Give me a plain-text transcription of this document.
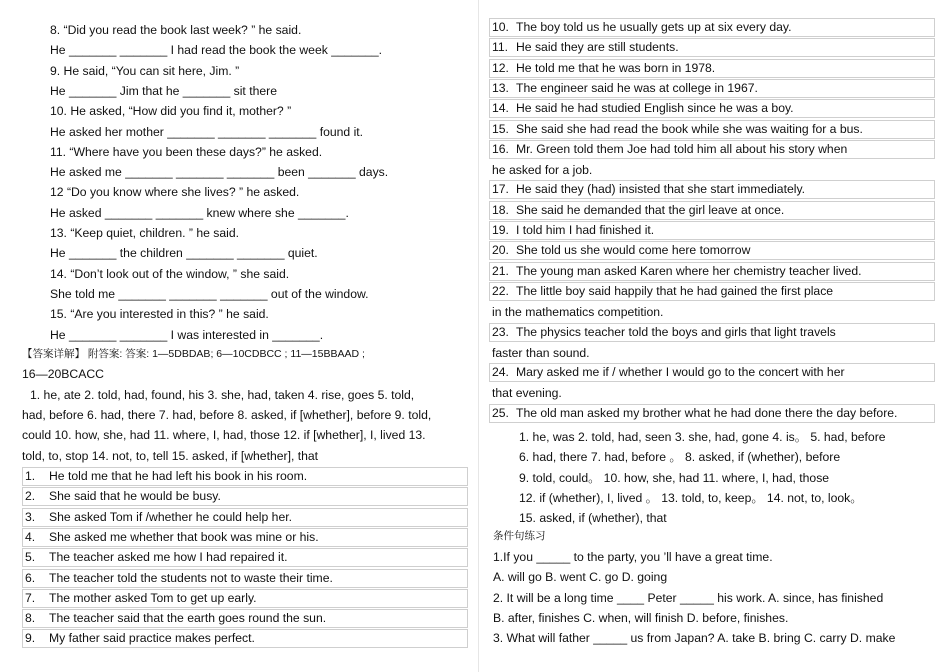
8. “Did you read the book last week? ” he said.
He _______ _______ I had read the book the week _______.
9. He said, “You can sit here, Jim. ”
He _______ Jim that he _______ sit there
10. He asked, “How did you find it, mother? ”
He asked her mother _______ _______ _______ found it.
11. “Where have you been these days?” he asked.
He asked me _______ _______ _______ been _______ days.
12 “Do you know where she lives? ” he asked.
He asked _______ _______ knew where she _______.
13. “Keep quiet, children. ” he said.
He _______ the children _______ _______ quiet.
14. “Don’t look out of the window, ” she said.
She told me _______ _______ _______ out of the window.
15. “Are you interested in this? ” he said.
He _______ _______ I was interested in _______.
【答案详解】 附答案: 答案: 1—5DBDAB; 6—10CDBCC ; 11—15BBAAD ;
16—20BCACC
1. he, ate 2. told, had, found, his 3. she, had, taken 4. rise, goes 5. told,
had, before 6. had, there 7. had, before 8. asked, if [whether], before 9. told,
could 10. how, she, had 11. where, I, had, those 12. if [whether], I, lived 13.
told, to, stop 14. not, to, tell 15. asked, if [whether], that
1. He told me that he had left his book in his room.
2. She said that he would be busy.
3. She asked Tom if /whether he could help her.
4. She asked me whether that book was mine or his.
5. The teacher asked me how I had repaired it.
6. The teacher told the students not to waste their time.
7. The mother asked Tom to get up early.
8. The teacher said that the earth goes round the sun.
9. My father said practice makes perfect.
10. The boy told us he usually gets up at six every day.
11. He said they are still students.
12. He told me that he was born in 1978.
13. The engineer said he was at college in 1967.
14. He said he had studied English since he was a boy.
15. She said she had read the book while she was waiting for a bus.
16. Mr. Green told them Joe had told him all about his story when
he asked for a job.
17. He said they (had) insisted that she start immediately.
18. She said he demanded that the girl leave at once.
19. I told him I had finished it.
20. She told us she would come here tomorrow
21. The young man asked Karen where her chemistry teacher lived.
22. The little boy said happily that he had gained the first place
in the mathematics competition.
23. The physics teacher told the boys and girls that light travels
faster than sound.
24. Mary asked me if / whether I would go to the concert with her
that evening.
25. The old man asked my brother what he had done there the day before.
1. he, was 2. told, had, seen 3. she, had, gone 4. is。 5. had, before
6. had, there 7. had, before 。 8. asked, if (whether), before
9. told, could。 10. how, she, had 11. where, I, had, those
12. if (whether), I, lived 。 13. told, to, keep。 14. not, to, look。
15. asked, if (whether), that
条件句练习
1.If you _____ to the party, you ’ll have a great time.
A. will go B. went C. go D. going
2. It will be a long time ____ Peter _____ his work. A. since, has finished
B. after, finishes C. when, will finish D. before, finishes.
3. What will father _____ us from Japan? A. take B. bring C. carry D. make
